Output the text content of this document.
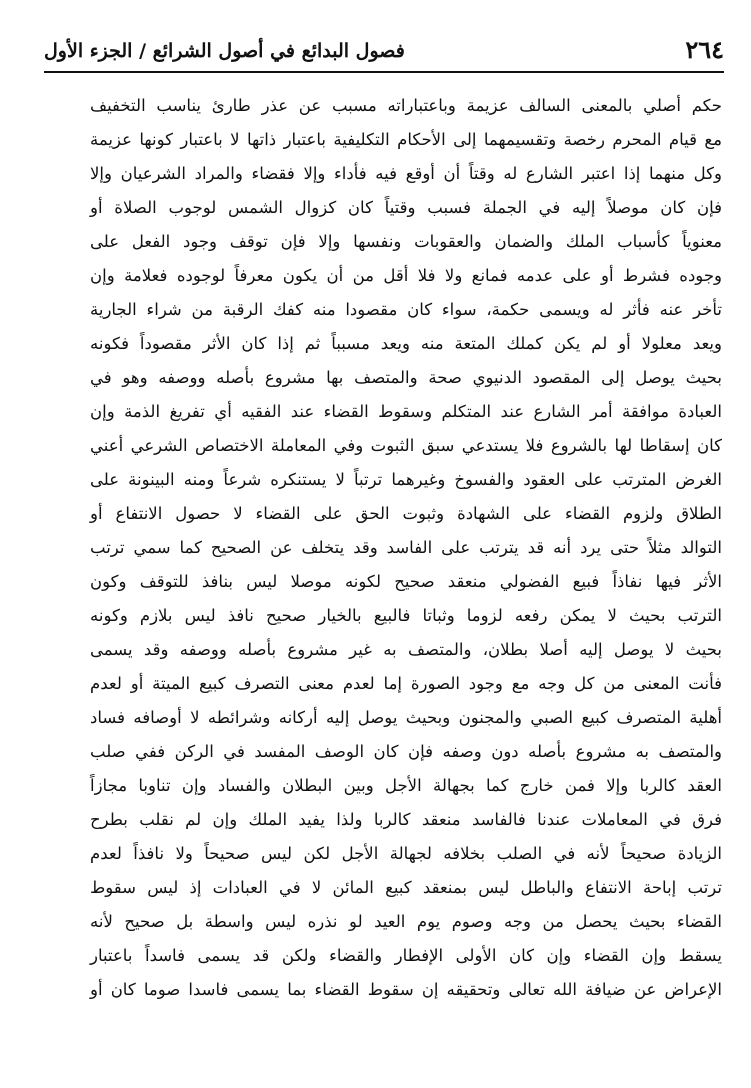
٢٦٤
فصول البدائع في أصول الشرائع / الجزء الأول
حكم أصلي بالمعنى السالف عزيمة وباعتباراته مسبب عن عذر طارئ يناسب التخفيف
مع قيام المحرم رخصة وتقسيمهما إلى الأحكام التكليفية باعتبار ذاتها لا باعتبار كونها عزيمة
وكل منهما إذا اعتبر الشارع له وقتاً أن أوقع فيه فأداء وإلا فقضاء والمراد الشرعيان وإلا
فإن كان موصلاً إليه في الجملة فسبب وقتياً كان كزوال الشمس لوجوب الصلاة أو
معنوياً كأسباب الملك والضمان والعقوبات ونفسها وإلا فإن توقف وجود الفعل على
وجوده فشرط أو على عدمه فمانع ولا فلا أقل من أن يكون معرفاً لوجوده فعلامة وإن
تأخر عنه فأثر له ويسمى حكمة، سواء كان مقصودا منه كفك الرقبة من شراء الجارية
ويعد معلولا أو لم يكن كملك المتعة منه ويعد مسبباً ثم إذا كان الأثر مقصوداً فكونه
بحيث يوصل إلى المقصود الدنيوي صحة والمتصف بها مشروع بأصله ووصفه وهو في
العبادة موافقة أمر الشارع عند المتكلم وسقوط القضاء عند الفقيه أي تفريغ الذمة وإن
كان إسقاطا لها بالشروع فلا يستدعي سبق الثبوت وفي المعاملة الاختصاص الشرعي أعني
الغرض المترتب على العقود والفسوخ وغيرهما ترتباً لا يستنكره شرعاً ومنه البينونة على
الطلاق ولزوم القضاء على الشهادة وثبوت الحق على القضاء لا حصول الانتفاع أو
التوالد مثلاً حتى يرد أنه قد يترتب على الفاسد وقد يتخلف عن الصحيح كما سمي ترتب
الأثر فيها نفاذاً فبيع الفضولي منعقد صحيح لكونه موصلا ليس بنافذ للتوقف وكون
الترتب بحيث لا يمكن رفعه لزوما وثباتا فالبيع بالخيار صحيح نافذ ليس بلازم وكونه
بحيث لا يوصل إليه أصلا بطلان، والمتصف به غير مشروع بأصله ووصفه وقد يسمى
فأنت المعنى من كل وجه مع وجود الصورة إما لعدم معنى التصرف كبيع الميتة أو لعدم
أهلية المتصرف كبيع الصبي والمجنون وبحيث يوصل إليه أركانه وشرائطه لا أوصافه فساد
والمتصف به مشروع بأصله دون وصفه فإن كان الوصف المفسد في الركن ففي صلب
العقد كالربا وإلا فمن خارج كما بجهالة الأجل وبين البطلان والفساد وإن تناوبا مجازاً
فرق في المعاملات عندنا فالفاسد منعقد كالربا ولذا يفيد الملك وإن لم نقلب بطرح
الزيادة صحيحاً لأنه في الصلب بخلافه لجهالة الأجل لكن ليس صحيحاً ولا نافذاً لعدم
ترتب إباحة الانتفاع والباطل ليس بمنعقد كبيع المائن لا في العبادات إذ ليس سقوط
القضاء بحيث يحصل من وجه وصوم يوم العيد لو نذره ليس واسطة بل صحيح لأنه
يسقط وإن القضاء وإن كان الأولى الإفطار والقضاء ولكن قد يسمى فاسداً باعتبار
الإعراض عن ضيافة الله تعالى وتحقيقه إن سقوط القضاء بما يسمى فاسدا صوما كان أو
